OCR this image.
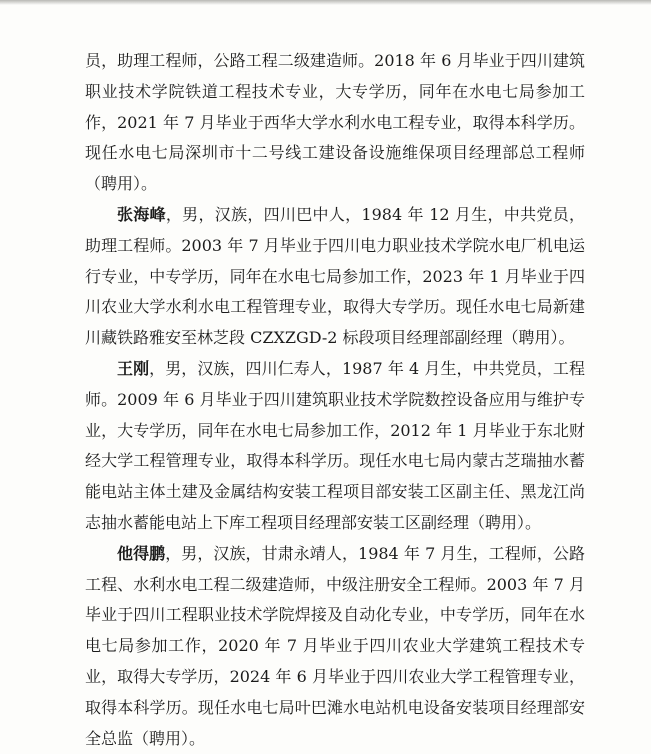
员，助理工程师，公路工程二级建造师。2018 年 6 月毕业于四川建筑职业技术学院铁道工程技术专业，大专学历，同年在水电七局参加工作，2021 年 7 月毕业于西华大学水利水电工程专业，取得本科学历。现任水电七局深圳市十二号线工建设备设施维保项目经理部总工程师（聘用）。

张海峰，男，汉族，四川巴中人，1984 年 12 月生，中共党员，助理工程师。2003 年 7 月毕业于四川电力职业技术学院水电厂机电运行专业，中专学历，同年在水电七局参加工作，2023 年 1 月毕业于四川农业大学水利水电工程管理专业，取得大专学历。现任水电七局新建川藏铁路雅安至林芝段 CZXZGD-2 标段项目经理部副经理（聘用）。

王刚，男，汉族，四川仁寿人，1987 年 4 月生，中共党员，工程师。2009 年 6 月毕业于四川建筑职业技术学院数控设备应用与维护专业，大专学历，同年在水电七局参加工作，2012 年 1 月毕业于东北财经大学工程管理专业，取得本科学历。现任水电七局内蒙古芝瑞抽水蓄能电站主体土建及金属结构安装工程项目部安装工区副主任、黑龙江尚志抽水蓄能电站上下库工程项目经理部安装工区副经理（聘用）。

他得鹏，男，汉族，甘肃永靖人，1984 年 7 月生，工程师，公路工程、水利水电工程二级建造师，中级注册安全工程师。2003 年 7 月毕业于四川工程职业技术学院焊接及自动化专业，中专学历，同年在水电七局参加工作，2020 年 7 月毕业于四川农业大学建筑工程技术专业，取得大专学历，2024 年 6 月毕业于四川农业大学工程管理专业，取得本科学历。现任水电七局叶巴滩水电站机电设备安装项目经理部安全总监（聘用）。
